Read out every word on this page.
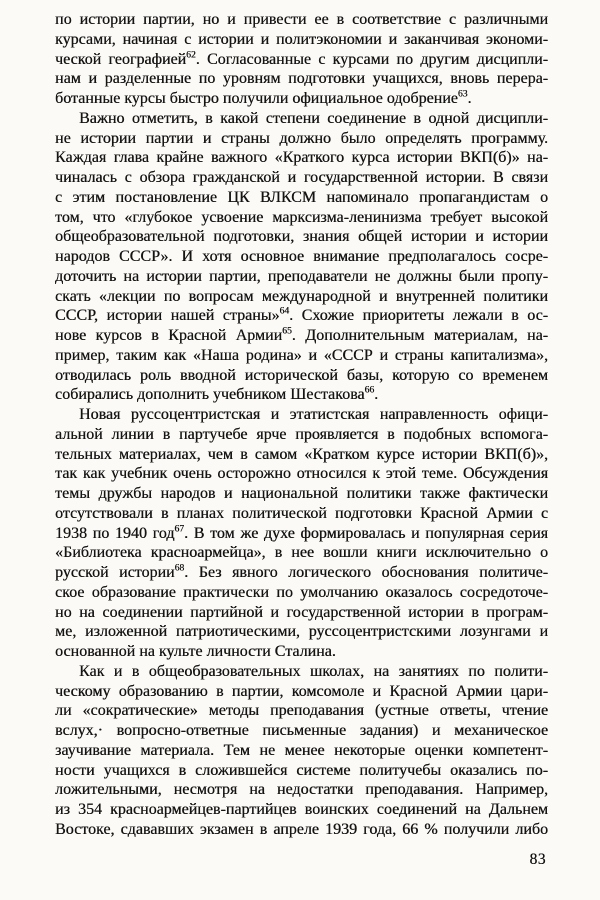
по истории партии, но и привести ее в соответствие с различными
курсами, начиная с истории и политэкономии и заканчивая экономи-
ческой географией$^{62}$. Согласованные с курсами по другим дисципли-
нам и разделенные по уровням подготовки учащихся, вновь перера-
ботанные курсы быстро получили официальное одобрение$^{63}$.
Важно отметить, в какой степени соединение в одной дисципли-
не истории партии и страны должно было определять программу.
Каждая глава крайне важного «Краткого курса истории ВКП(б)» на-
чиналась с обзора гражданской и государственной истории. В связи
с этим постановление ЦК ВЛКСМ напоминало пропагандистам о
том, что «глубокое усвоение марксизма-ленинизма требует высокой
общеобразовательной подготовки, знания общей истории и истории
народов СССР». И хотя основное внимание предполагалось сосре-
доточить на истории партии, преподаватели не должны были пропу-
скать «лекции по вопросам международной и внутренней политики
СССР, истории нашей страны»$^{64}$. Схожие приоритеты лежали в ос-
нове курсов в Красной Армии$^{65}$. Дополнительным материалам, на-
пример, таким как «Наша родина» и «СССР и страны капитализма»,
отводилась роль вводной исторической базы, которую со временем
собирались дополнить учебником Шестакова$^{66}$.
Новая руссоцентристская и этатистская направленность офици-
альной линии в партучебе ярче проявляется в подобных вспомога-
тельных материалах, чем в самом «Кратком курсе истории ВКП(б)»,
так как учебник очень осторожно относился к этой теме. Обсуждения
темы дружбы народов и национальной политики также фактически
отсутствовали в планах политической подготовки Красной Армии с
1938 по 1940 год$^{67}$. В том же духе формировалась и популярная серия
«Библиотека красноармейца», в нее вошли книги исключительно о
русской истории$^{68}$. Без явного логического обоснования политиче-
ское образование практически по умолчанию оказалось сосредоточе-
но на соединении партийной и государственной истории в програм-
ме, изложенной патриотическими, руссоцентристскими лозунгами и
основанной на культе личности Сталина.
Как и в общеобразовательных школах, на занятиях по полити-
ческому образованию в партии, комсомоле и Красной Армии цари-
ли «сократические» методы преподавания (устные ответы, чтение
вслух,· вопросно-ответные письменные задания) и механическое
заучивание материала. Тем не менее некоторые оценки компетент-
ности учащихся в сложившейся системе политучебы оказались по-
ложительными, несмотря на недостатки преподавания. Например,
из 354 красноармейцев-партийцев воинских соединений на Дальнем
Востоке, сдававших экзамен в апреле 1939 года, 66 % получили либо
83
